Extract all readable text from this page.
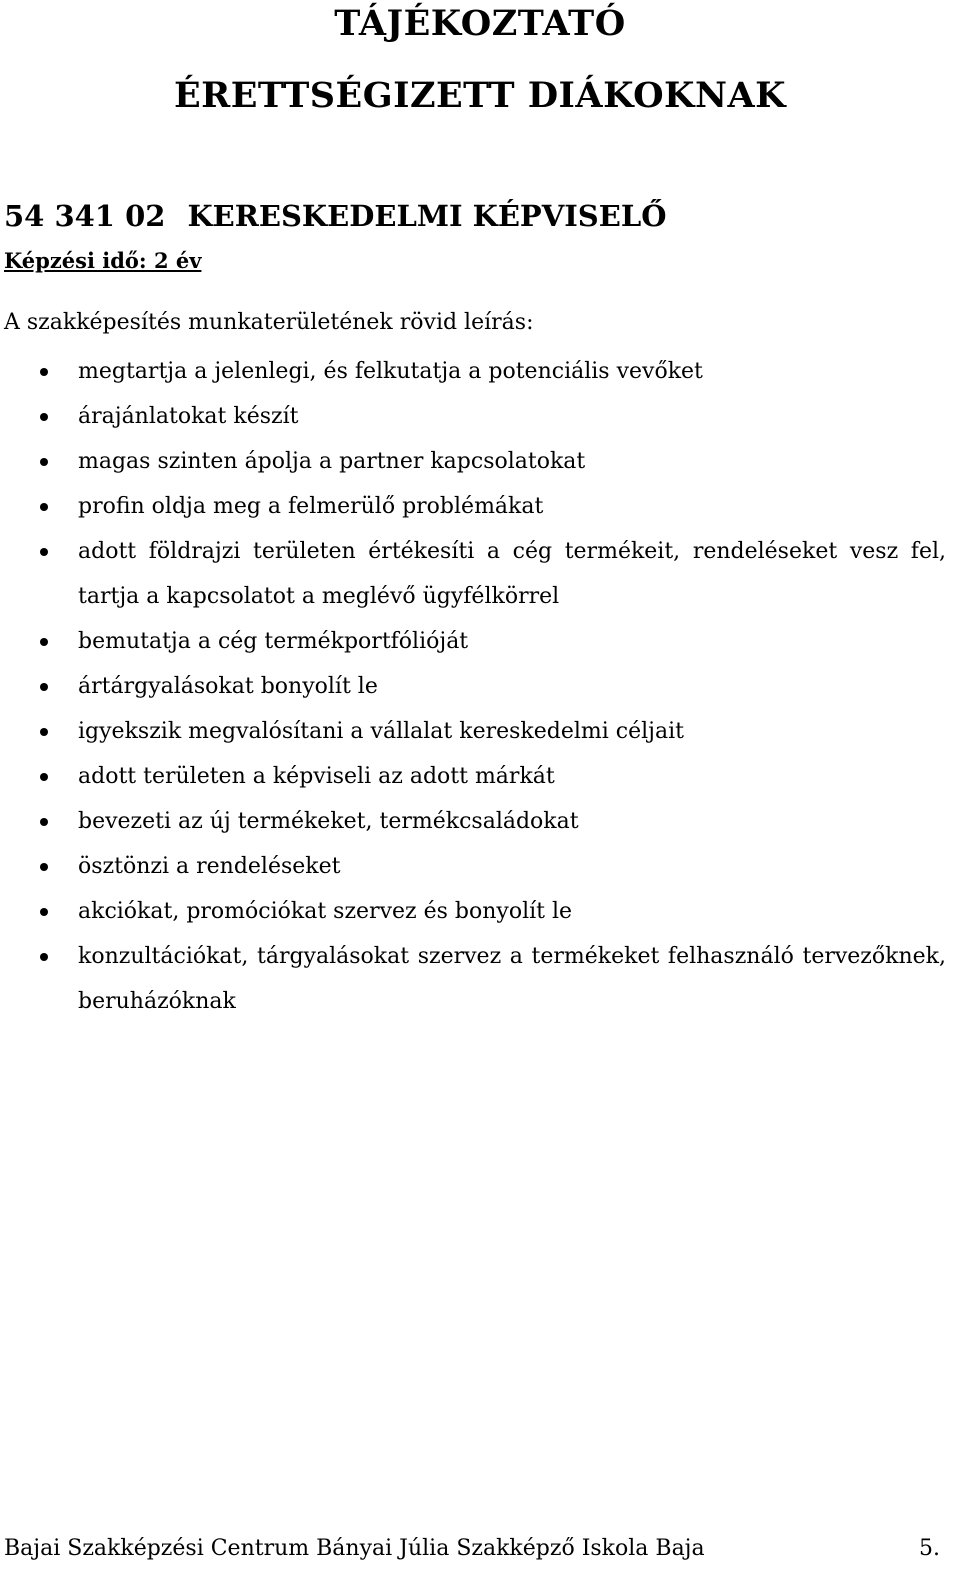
TÁJÉKOZTATÓ
ÉRETTSÉGIZETT DIÁKOKNAK
54 341 02 KERESKEDELMI KÉPVISELŐ

Képzési idő: 2 év

A szakképesítés munkaterületének rövid leírás:

megtartja a jelenlegi, és felkutatja a potenciális vevőket
árajánlatokat készít
magas szinten ápolja a partner kapcsolatokat
profin oldja meg a felmerülő problémákat
adott földrajzi területen értékesíti a cég termékeit, rendeléseket vesz fel, tartja a kapcsolatot a meglévő ügyfélkörrel
bemutatja a cég termékportfólióját
ártárgyalásokat bonyolít le
igyekszik megvalósítani a vállalat kereskedelmi céljait
adott területen a képviseli az adott márkát
bevezeti az új termékeket, termékcsaládokat
ösztönzi a rendeléseket
akciókat, promóciókat szervez és bonyolít le
konzultációkat, tárgyalásokat szervez a termékeket felhasználó tervezőknek, beruházóknak
Bajai Szakképzési Centrum Bányai Júlia Szakképző Iskola Baja	5.
